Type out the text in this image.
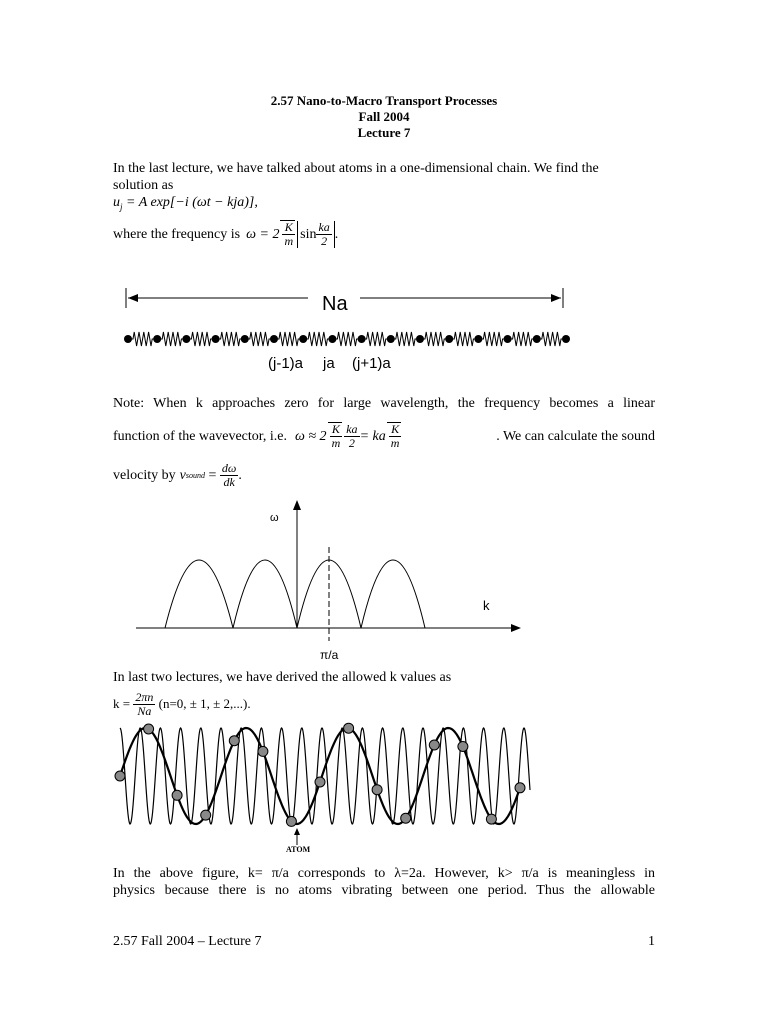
2.57 Nano-to-Macro Transport Processes
Fall 2004
Lecture 7
In the last lecture, we have talked about atoms in a one-dimensional chain. We find the
solution as
$u_j = A$ exp[−i (ωt − kja)],
where the frequency is $\omega = 2 \frac{K}{m}$ $\sin \frac{ka}{2}$ .
Na
(j-1)a ja (j+1)a
Note: When k approaches zero for large wavelength, the frequency becomes a linear
function of the wavevector, i.e. $\omega \approx 2 \frac{K}{m} \frac{ka}{2}$ = ka $\frac{K}{m}$	. We can calculate the sound
velocity by v sound = $\frac{d\omega}{dk}$ .
ω
k
π/a
In last two lectures, we have derived the allowed k values as
$k = \frac{2\pi n}{Na} (n=0$, ± 1, ± 2,...).
ATOM
In the above figure, k= π/a corresponds to λ=2a. However, k> π/a is meaningless in
physics because there is no atoms vibrating between one period. Thus the allowable
2.57 Fall 2004 – Lecture 7	1
